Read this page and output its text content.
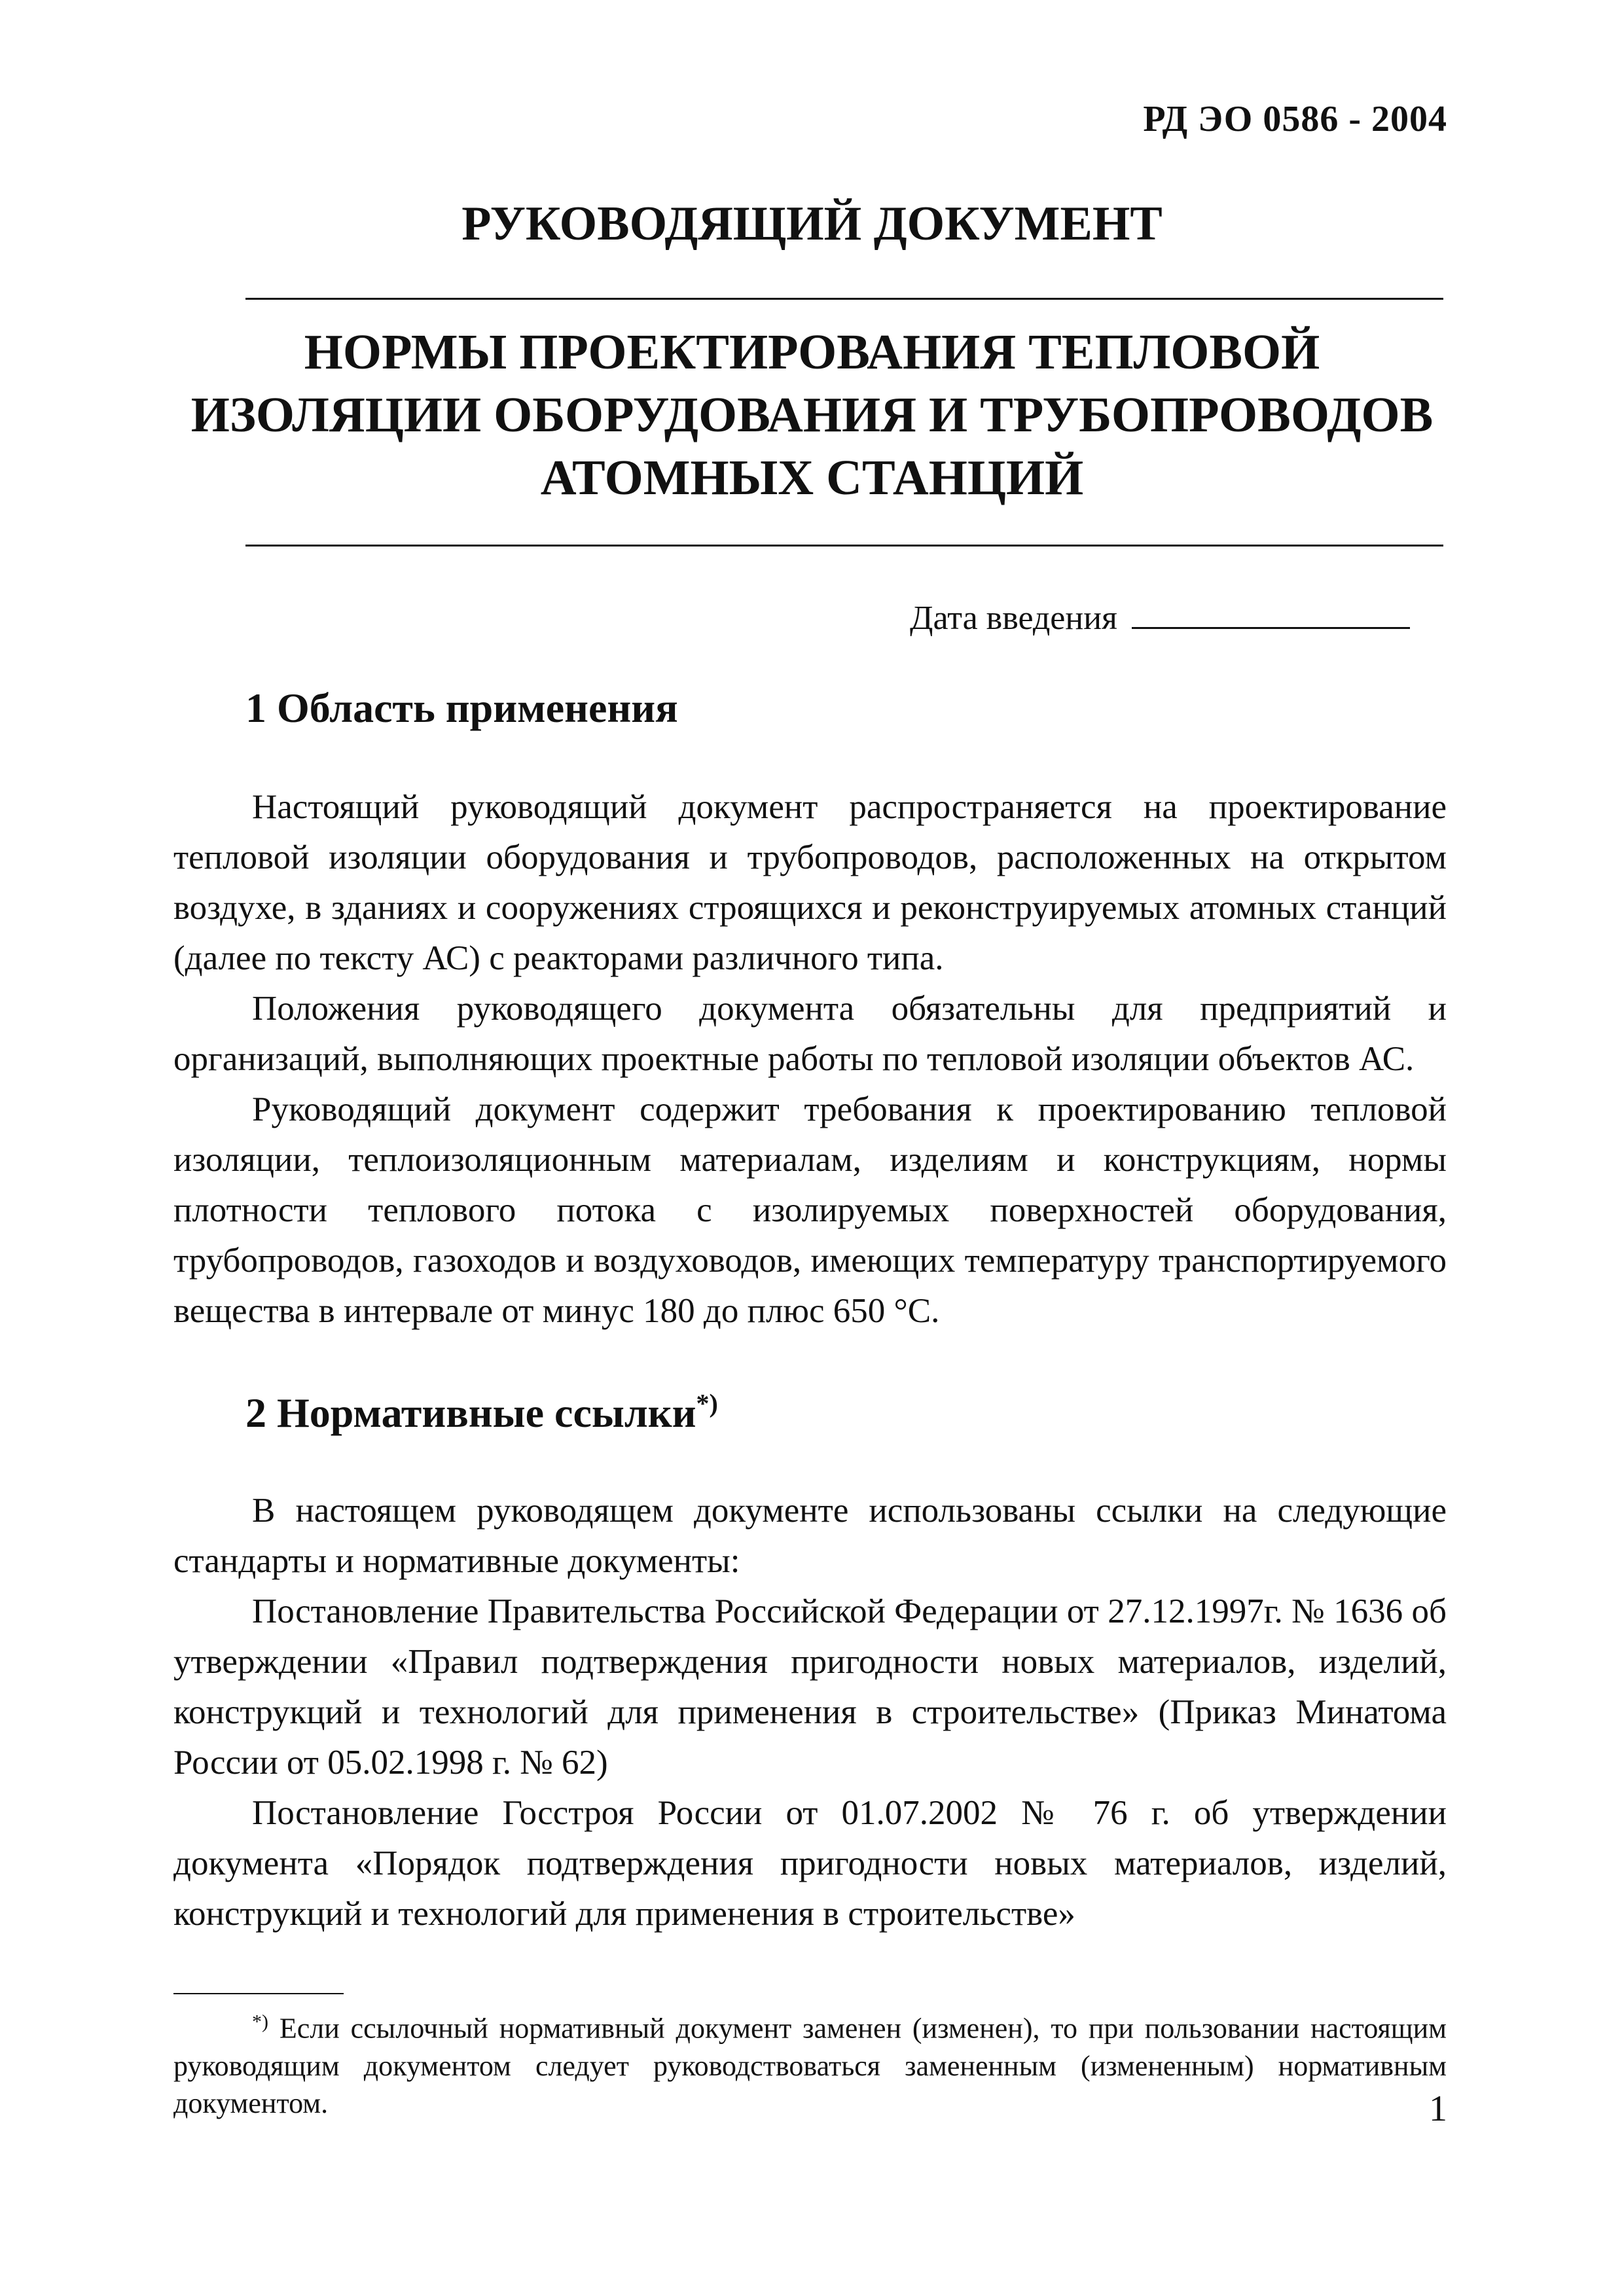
РД ЭО 0586 - 2004
РУКОВОДЯЩИЙ ДОКУМЕНТ
НОРМЫ ПРОЕКТИРОВАНИЯ ТЕПЛОВОЙ
ИЗОЛЯЦИИ ОБОРУДОВАНИЯ И ТРУБОПРОВОДОВ
АТОМНЫХ СТАНЦИЙ
Дата введения
1 Область применения

Настоящий руководящий документ распространяется на проектирование тепловой изоляции оборудования и трубопроводов, расположенных на открытом воздухе, в зданиях и сооружениях строящихся и реконструируемых атомных станций (далее по тексту АС) с реакторами различного типа.

Положения руководящего документа обязательны для предприятий и организаций, выполняющих проектные работы по тепловой изоляции объектов АС.

Руководящий документ содержит требования к проектированию тепловой изоляции, теплоизоляционным материалам, изделиям и конструкциям, нормы плотности теплового потока с изолируемых поверхностей оборудования, трубопроводов, газоходов и воздуховодов, имеющих температуру транспортируемого вещества в интервале от минус 180 до плюс 650 °С.

2 Нормативные ссылки*)

В настоящем руководящем документе использованы ссылки на следующие стандарты и нормативные документы:

Постановление Правительства Российской Федерации от 27.12.1997г. № 1636 об утверждении «Правил подтверждения пригодности новых материалов, изделий, конструкций и технологий для применения в строительстве» (Приказ Минатома России от 05.02.1998 г. № 62)

Постановление Госстроя России от 01.07.2002 № 76 г. об утверждении документа «Порядок подтверждения пригодности новых материалов, изделий, конструкций и технологий для применения в строительстве»

*) Если ссылочный нормативный документ заменен (изменен), то при пользовании настоящим руководящим документом следует руководствоваться замененным (измененным) нормативным документом.	1
